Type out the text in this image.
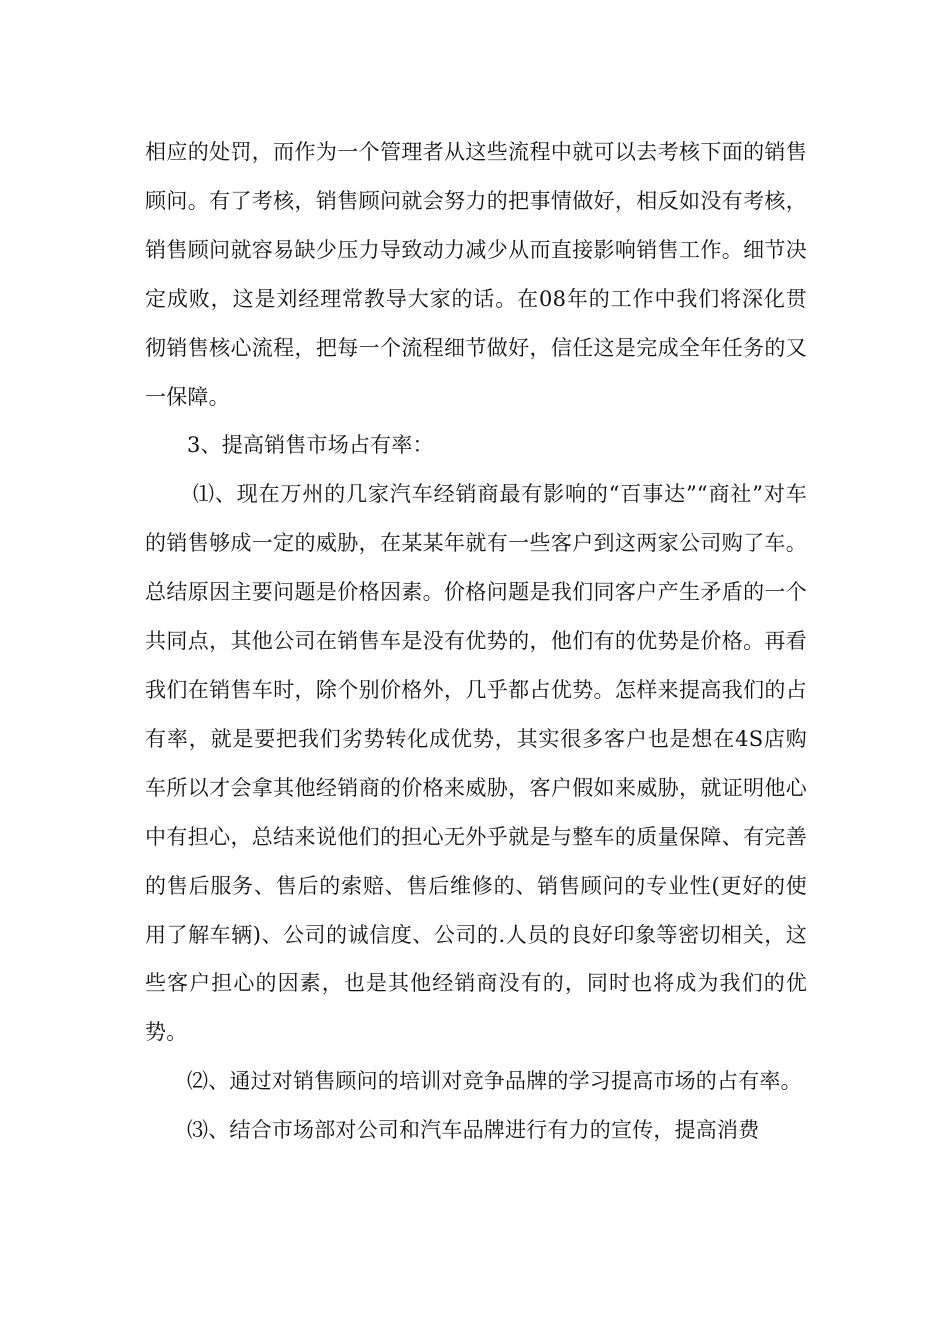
相应的处罚，而作为一个管理者从这些流程中就可以去考核下面的销售顾问。有了考核，销售顾问就会努力的把事情做好，相反如没有考核，销售顾问就容易缺少压力导致动力减少从而直接影响销售工作。细节决定成败，这是刘经理常教导大家的话。在08年的工作中我们将深化贯彻销售核心流程，把每一个流程细节做好，信任这是完成全年任务的又一保障。

3、提高销售市场占有率：

⑴、现在万州的几家汽车经销商最有影响的“百事达”“商社”对车的销售够成一定的威胁，在某某年就有一些客户到这两家公司购了车。总结原因主要问题是价格因素。价格问题是我们同客户产生矛盾的一个共同点，其他公司在销售车是没有优势的，他们有的优势是价格。再看我们在销售车时，除个别价格外，几乎都占优势。怎样来提高我们的占有率，就是要把我们劣势转化成优势，其实很多客户也是想在4S店购车所以才会拿其他经销商的价格来威胁，客户假如来威胁，就证明他心中有担心，总结来说他们的担心无外乎就是与整车的质量保障、有完善的售后服务、售后的索赔、售后维修的、销售顾问的专业性(更好的使用了解车辆)、公司的诚信度、公司的.人员的良好印象等密切相关，这些客户担心的因素，也是其他经销商没有的，同时也将成为我们的优势。

⑵、通过对销售顾问的培训对竞争品牌的学习提高市场的占有率。

⑶、结合市场部对公司和汽车品牌进行有力的宣传，提高消费
